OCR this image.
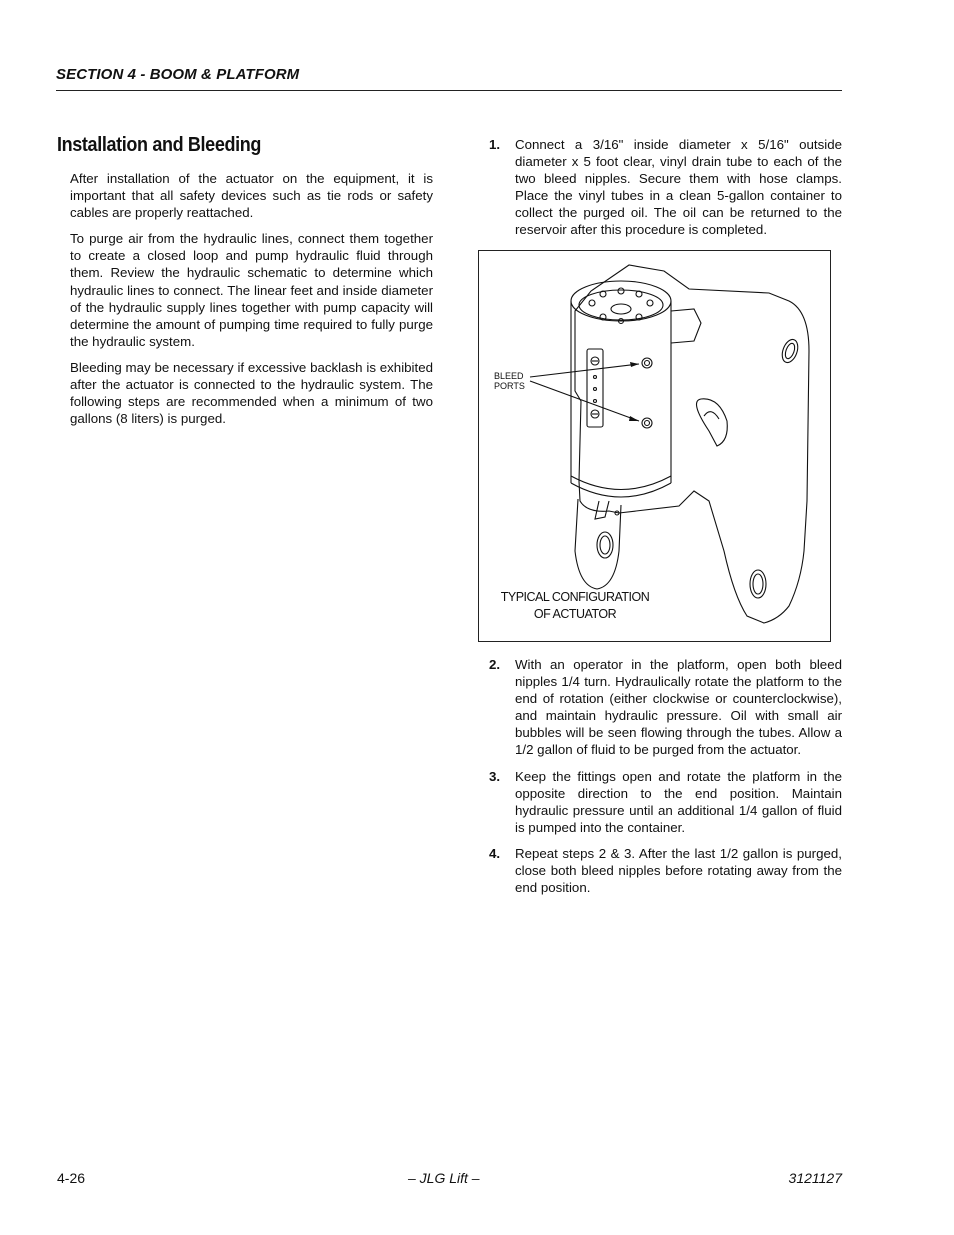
SECTION 4 - BOOM & PLATFORM
Installation and Bleeding

After installation of the actuator on the equipment, it is important that all safety devices such as tie rods or safety cables are properly reattached.

To purge air from the hydraulic lines, connect them together to create a closed loop and pump hydraulic fluid through them. Review the hydraulic schematic to determine which hydraulic lines to connect. The linear feet and inside diameter of the hydraulic supply lines together with pump capacity will determine the amount of pumping time required to fully purge the hydraulic system.

Bleeding may be necessary if excessive backlash is exhibited after the actuator is connected to the hydraulic system. The following steps are recommended when a minimum of two gallons (8 liters) is purged.

1. Connect a 3/16" inside diameter x 5/16" outside diameter x 5 foot clear, vinyl drain tube to each of the two bleed nipples. Secure them with hose clamps. Place the vinyl tubes in a clean 5-gallon container to collect the purged oil. The oil can be returned to the reservoir after this procedure is completed.
BLEED
PORTS
TYPICAL CONFIGURATION
OF ACTUATOR
2. With an operator in the platform, open both bleed nipples 1/4 turn. Hydraulically rotate the platform to the end of rotation (either clockwise or counterclockwise), and maintain hydraulic pressure. Oil with small air bubbles will be seen flowing through the tubes. Allow a 1/2 gallon of fluid to be purged from the actuator.
3. Keep the fittings open and rotate the platform in the opposite direction to the end position. Maintain hydraulic pressure until an additional 1/4 gallon of fluid is pumped into the container.
4. Repeat steps 2 & 3. After the last 1/2 gallon is purged, close both bleed nipples before rotating away from the end position.
4-26	– JLG Lift –	3121127
